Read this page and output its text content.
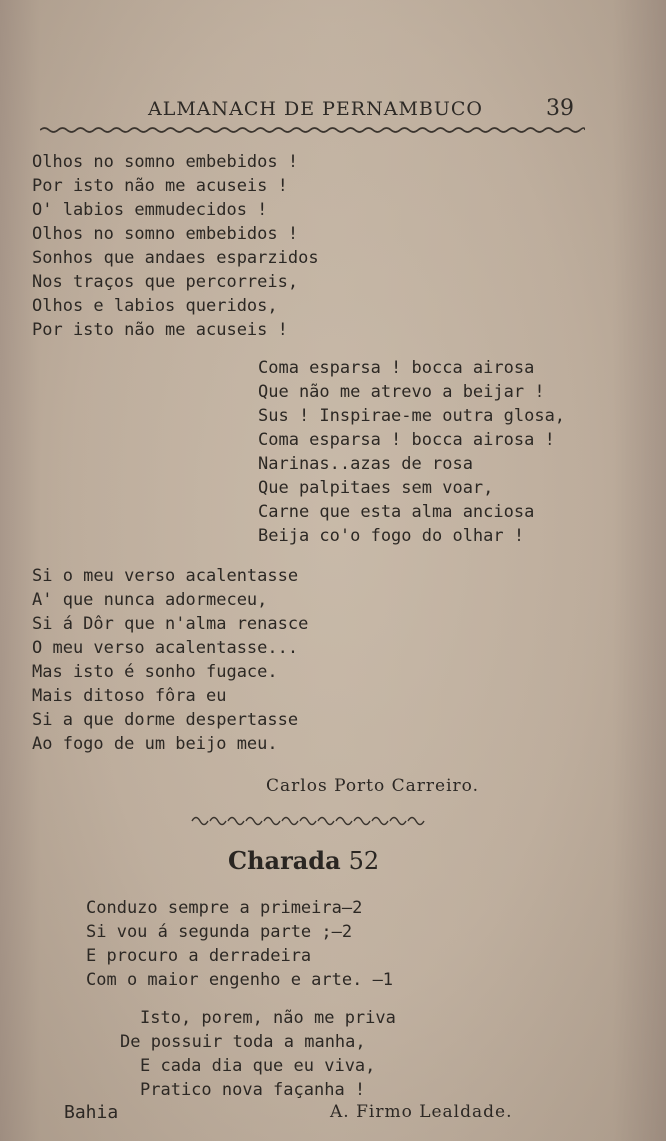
ALMANACH DE PERNAMBUCO	39
Olhos no somno embebidos !
Por isto não me acuseis !
O' labios emmudecidos !
Olhos no somno embebidos !
Sonhos que andaes esparzidos
Nos traços que percorreis,
Olhos e labios queridos,
Por isto não me acuseis !
Coma esparsa ! bocca airosa
Que não me atrevo a beijar !
Sus ! Inspirae-me outra glosa,
Coma esparsa ! bocca airosa !
Narinas..azas de rosa
Que palpitaes sem voar,
Carne que esta alma anciosa
Beija co'o fogo do olhar !
Si o meu verso acalentasse
A' que nunca adormeceu,
Si á Dôr que n'alma renasce
O meu verso acalentasse...
Mas isto é sonho fugace.
Mais ditoso fôra eu
Si a que dorme despertasse
Ao fogo de um beijo meu.
Carlos Porto Carreiro.
Charada 52
Conduzo sempre a primeira—2
Si vou á segunda parte ;—2
E procuro a derradeira
Com o maior engenho e arte. —1
Isto, porem, não me priva
De possuir toda a manha,
E cada dia que eu viva,
Pratico nova façanha !
Bahia	A. Firmo Lealdade.
